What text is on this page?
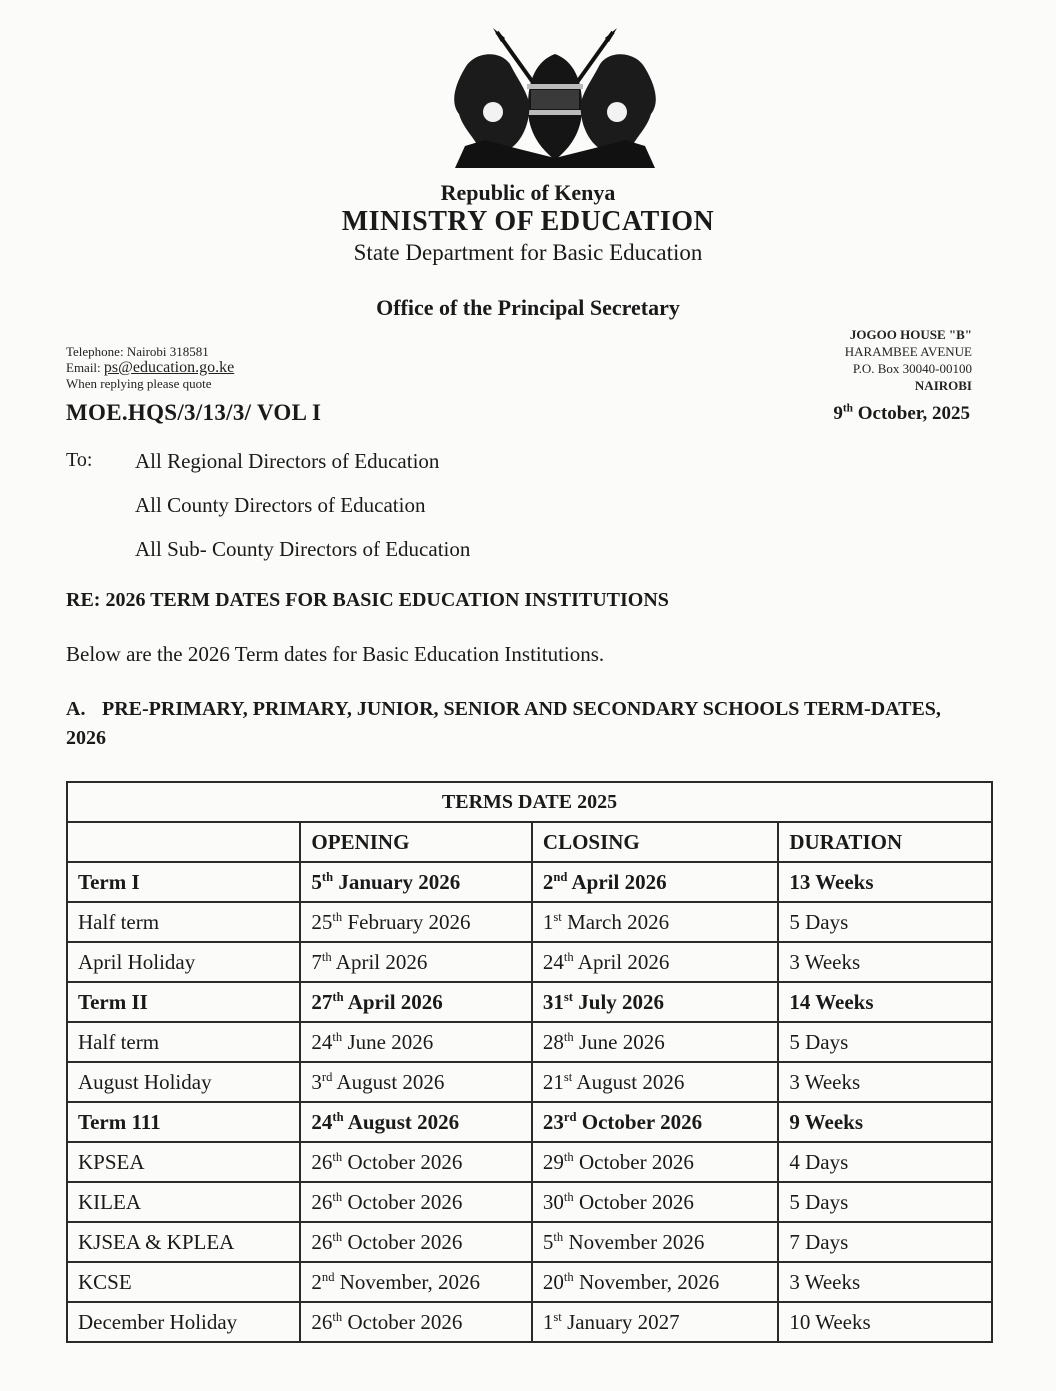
Republic of Kenya
MINISTRY OF EDUCATION
State Department for Basic Education
Office of the Principal Secretary
Telephone: Nairobi 318581
Email: ps@education.go.ke
When replying please quote
MOE.HQS/3/13/3/ VOL I
JOGOO HOUSE "B"
HARAMBEE AVENUE
P.O. Box 30040-00100
NAIROBI
9th October, 2025
To: All Regional Directors of Education
All County Directors of Education
All Sub- County Directors of Education
RE: 2026 TERM DATES FOR BASIC EDUCATION INSTITUTIONS
Below are the 2026 Term dates for Basic Education Institutions.
A. PRE-PRIMARY, PRIMARY, JUNIOR, SENIOR AND SECONDARY SCHOOLS TERM-DATES, 2026
TERMS DATE 2025			
	OPENING	CLOSING	DURATION
Term I	5th January 2026	2nd April 2026	13 Weeks
Half term	25th February 2026	1st March 2026	5 Days
April Holiday	7th April 2026	24th April 2026	3 Weeks
Term II	27th April 2026	31st July 2026	14 Weeks
Half term	24th June 2026	28th June 2026	5 Days
August Holiday	3rd August 2026	21st August 2026	3 Weeks
Term 111	24th August 2026	23rd October 2026	9 Weeks
KPSEA	26th October 2026	29th October 2026	4 Days
KILEA	26th October 2026	30th October 2026	5 Days
KJSEA & KPLEA	26th October 2026	5th November 2026	7 Days
KCSE	2nd November, 2026	20th November, 2026	3 Weeks
December Holiday	26th October 2026	1st January 2027	10 Weeks
